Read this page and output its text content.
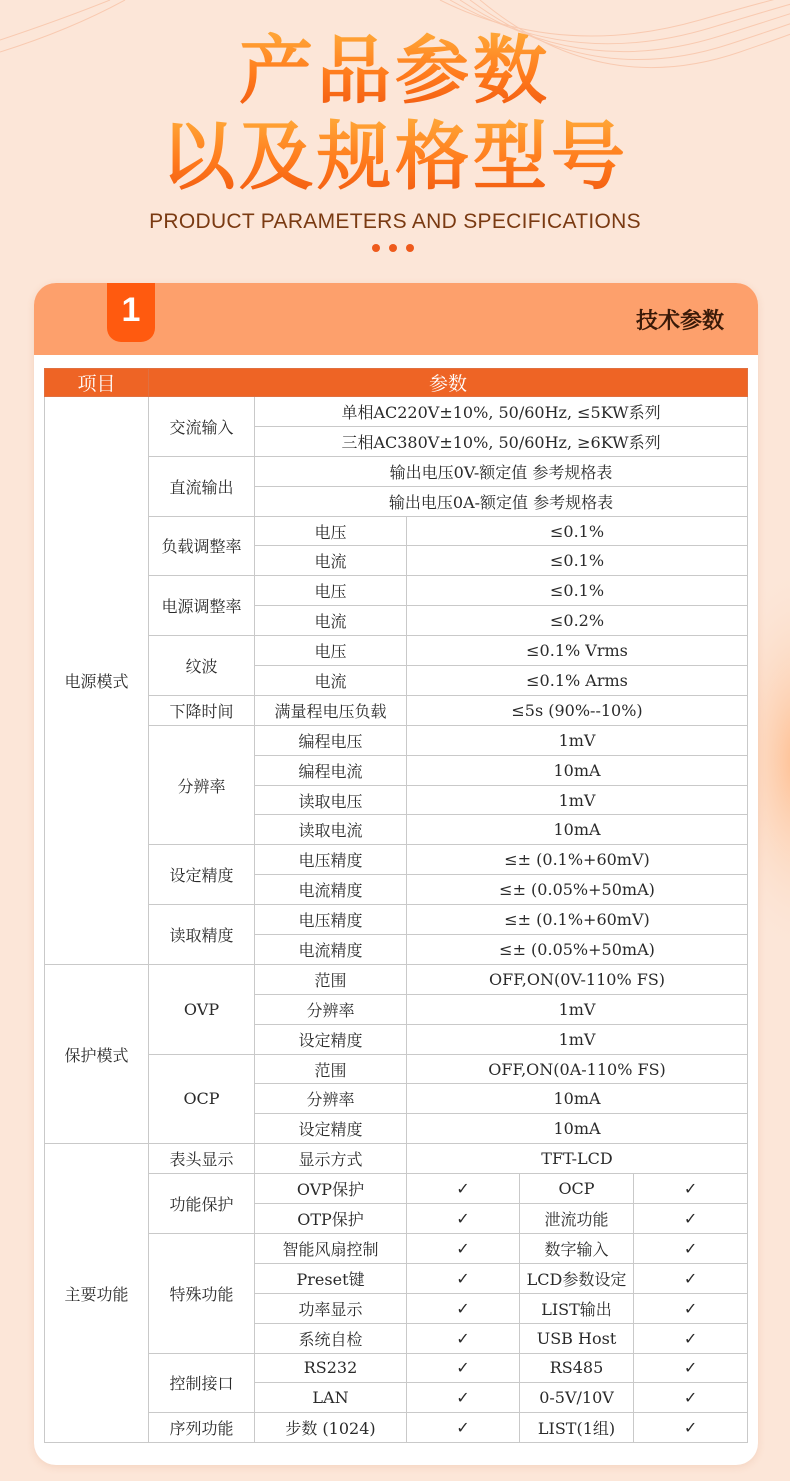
产品参数
以及规格型号
PRODUCT PARAMETERS AND SPECIFICATIONS
1	技术参数
项目	参数				
电源模式	交流输入	单相AC220V±10%, 50/60Hz, ≤5KW系列			
		三相AC380V±10%, 50/60Hz, ≥6KW系列			
	直流输出	输出电压0V-额定值 参考规格表			
		输出电压0A-额定值 参考规格表			
	负载调整率	电压	≤0.1%		
		电流	≤0.1%		
	电源调整率	电压	≤0.1%		
		电流	≤0.2%		
	纹波	电压	≤0.1% Vrms		
		电流	≤0.1% Arms		
	下降时间	满量程电压负载	≤5s (90%--10%)		
	分辨率	编程电压	1mV		
		编程电流	10mA		
		读取电压	1mV		
		读取电流	10mA		
	设定精度	电压精度	≤± (0.1%+60mV)		
		电流精度	≤± (0.05%+50mA)		
	读取精度	电压精度	≤± (0.1%+60mV)		
		电流精度	≤± (0.05%+50mA)		
保护模式	OVP	范围	OFF,ON(0V-110% FS)		
		分辨率	1mV		
		设定精度	1mV		
	OCP	范围	OFF,ON(0A-110% FS)		
		分辨率	10mA		
		设定精度	10mA		
主要功能	表头显示	显示方式	TFT-LCD		
	功能保护	OVP保护	✓	OCP	✓
		OTP保护	✓	泄流功能	✓
	特殊功能	智能风扇控制	✓	数字输入	✓
		Preset键	✓	LCD参数设定	✓
		功率显示	✓	LIST输出	✓
		系统自检	✓	USB Host	✓
	控制接口	RS232	✓	RS485	✓
		LAN	✓	0-5V/10V	✓
	序列功能	步数 (1024)	✓	LIST(1组)	✓
